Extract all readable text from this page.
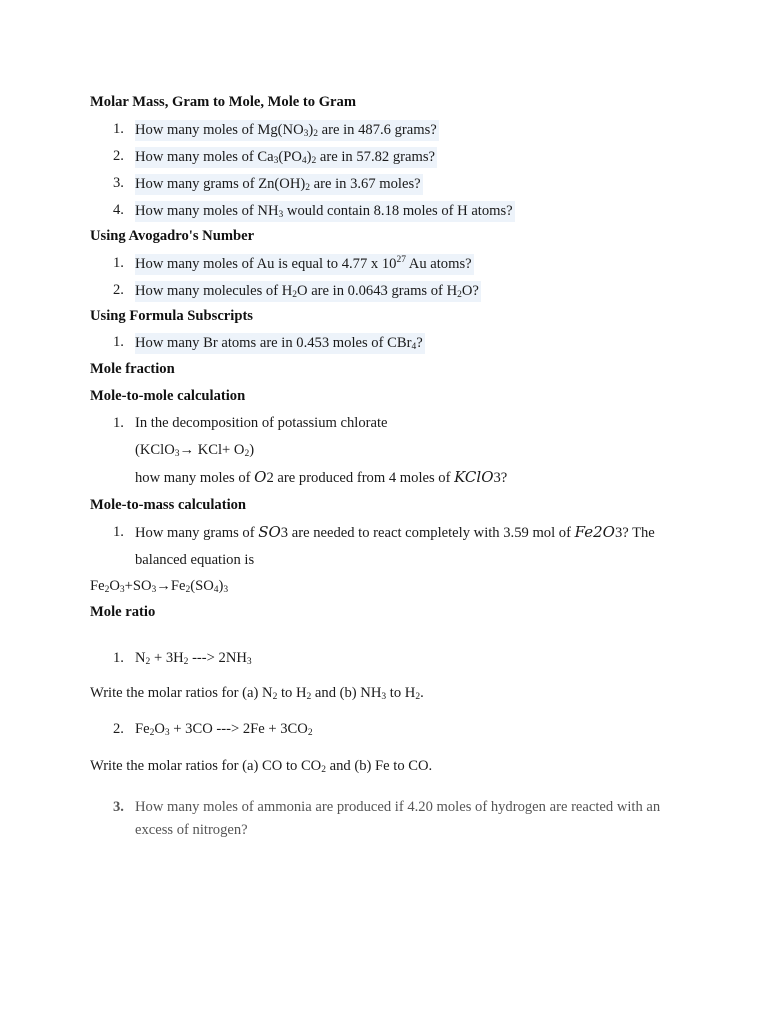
Molar Mass, Gram to Mole, Mole to Gram
1. How many moles of $Mg(NO_3)_2$ are in 487.6 grams?
2. How many moles of $Ca_3(PO_4)_2$ are in 57.82 grams?
3. How many grams of $Zn(OH)_2$ are in 3.67 moles?
4. How many moles of $NH_3$ would contain 8.18 moles of H atoms?
Using Avogadro's Number
1. How many moles of Au is equal to 4.77 x $10^{27}$ Au atoms?
2. How many molecules of $H_2O$ are in 0.0643 grams of $H_2O$?
Using Formula Subscripts
1. How many Br atoms are in 0.453 moles of CBr$_4$?
Mole fraction
Mole-to-mole calculation
1. In the decomposition of potassium chlorate
(KClO$_3$→ $KCl+ O_2$)
how many moles of O2 are produced from 4 moles of KClO3?
Mole-to-mass calculation
1. How many grams of SO3 are needed to react completely with 3.59 mol of Fe2O3? The
balanced equation is
$Fe_2O_3+SO_3\to Fe_2(SO_4)_3$
Mole ratio
1. $N_2 + 3H_2$ ---> $2NH_3$
Write the molar ratios for (a) $N_2$ to $H_2$ and (b) $NH_3$ to $H_2$.
2. $Fe_2O_3 + 3CO$ ---> $2Fe + 3CO_2$
Write the molar ratios for (a) CO to $CO_2$ and (b) Fe to CO.
3. How many moles of ammonia are produced if 4.20 moles of hydrogen are reacted with an
excess of nitrogen?
